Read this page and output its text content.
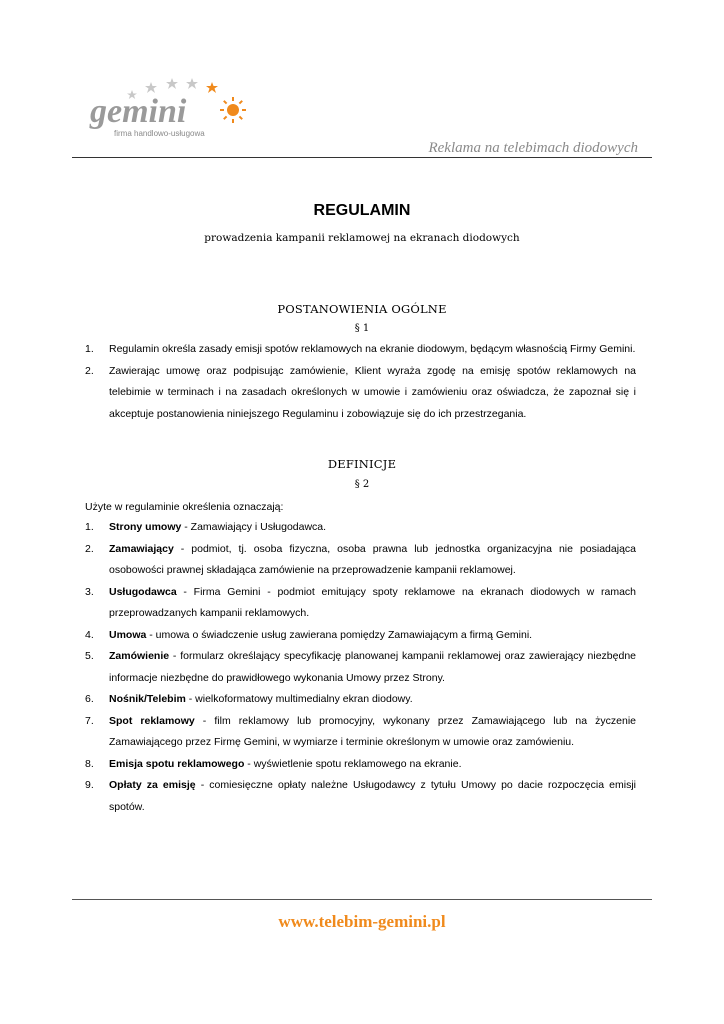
gemini
firma handlowo-usługowa
Reklama na telebimach diodowych
REGULAMIN
prowadzenia kampanii reklamowej na ekranach diodowych
POSTANOWIENIA OGÓLNE
§ 1
1. Regulamin określa zasady emisji spotów reklamowych na ekranie diodowym, będącym własnością Firmy Gemini.
2. Zawierając umowę oraz podpisując zamówienie, Klient wyraża zgodę na emisję spotów reklamowych na telebimie w terminach i na zasadach określonych w umowie i zamówieniu oraz oświadcza, że zapoznał się i akceptuje postanowienia niniejszego Regulaminu i zobowiązuje się do ich przestrzegania.
DEFINICJE
§ 2
Użyte w regulaminie określenia oznaczają:
1. Strony umowy - Zamawiający i Usługodawca.
2. Zamawiający - podmiot, tj. osoba fizyczna, osoba prawna lub jednostka organizacyjna nie posiadająca osobowości prawnej składająca zamówienie na przeprowadzenie kampanii reklamowej.
3. Usługodawca - Firma Gemini - podmiot emitujący spoty reklamowe na ekranach diodowych w ramach przeprowadzanych kampanii reklamowych.
4. Umowa - umowa o świadczenie usług zawierana pomiędzy Zamawiającym a firmą Gemini.
5. Zamówienie - formularz określający specyfikację planowanej kampanii reklamowej oraz zawierający niezbędne informacje niezbędne do prawidłowego wykonania Umowy przez Strony.
6. Nośnik/Telebim - wielkoformatowy multimedialny ekran diodowy.
7. Spot reklamowy - film reklamowy lub promocyjny, wykonany przez Zamawiającego lub na życzenie Zamawiającego przez Firmę Gemini, w wymiarze i terminie określonym w umowie oraz zamówieniu.
8. Emisja spotu reklamowego - wyświetlenie spotu reklamowego na ekranie.
9. Opłaty za emisję - comiesięczne opłaty należne Usługodawcy z tytułu Umowy po dacie rozpoczęcia emisji spotów.
www.telebim-gemini.pl
